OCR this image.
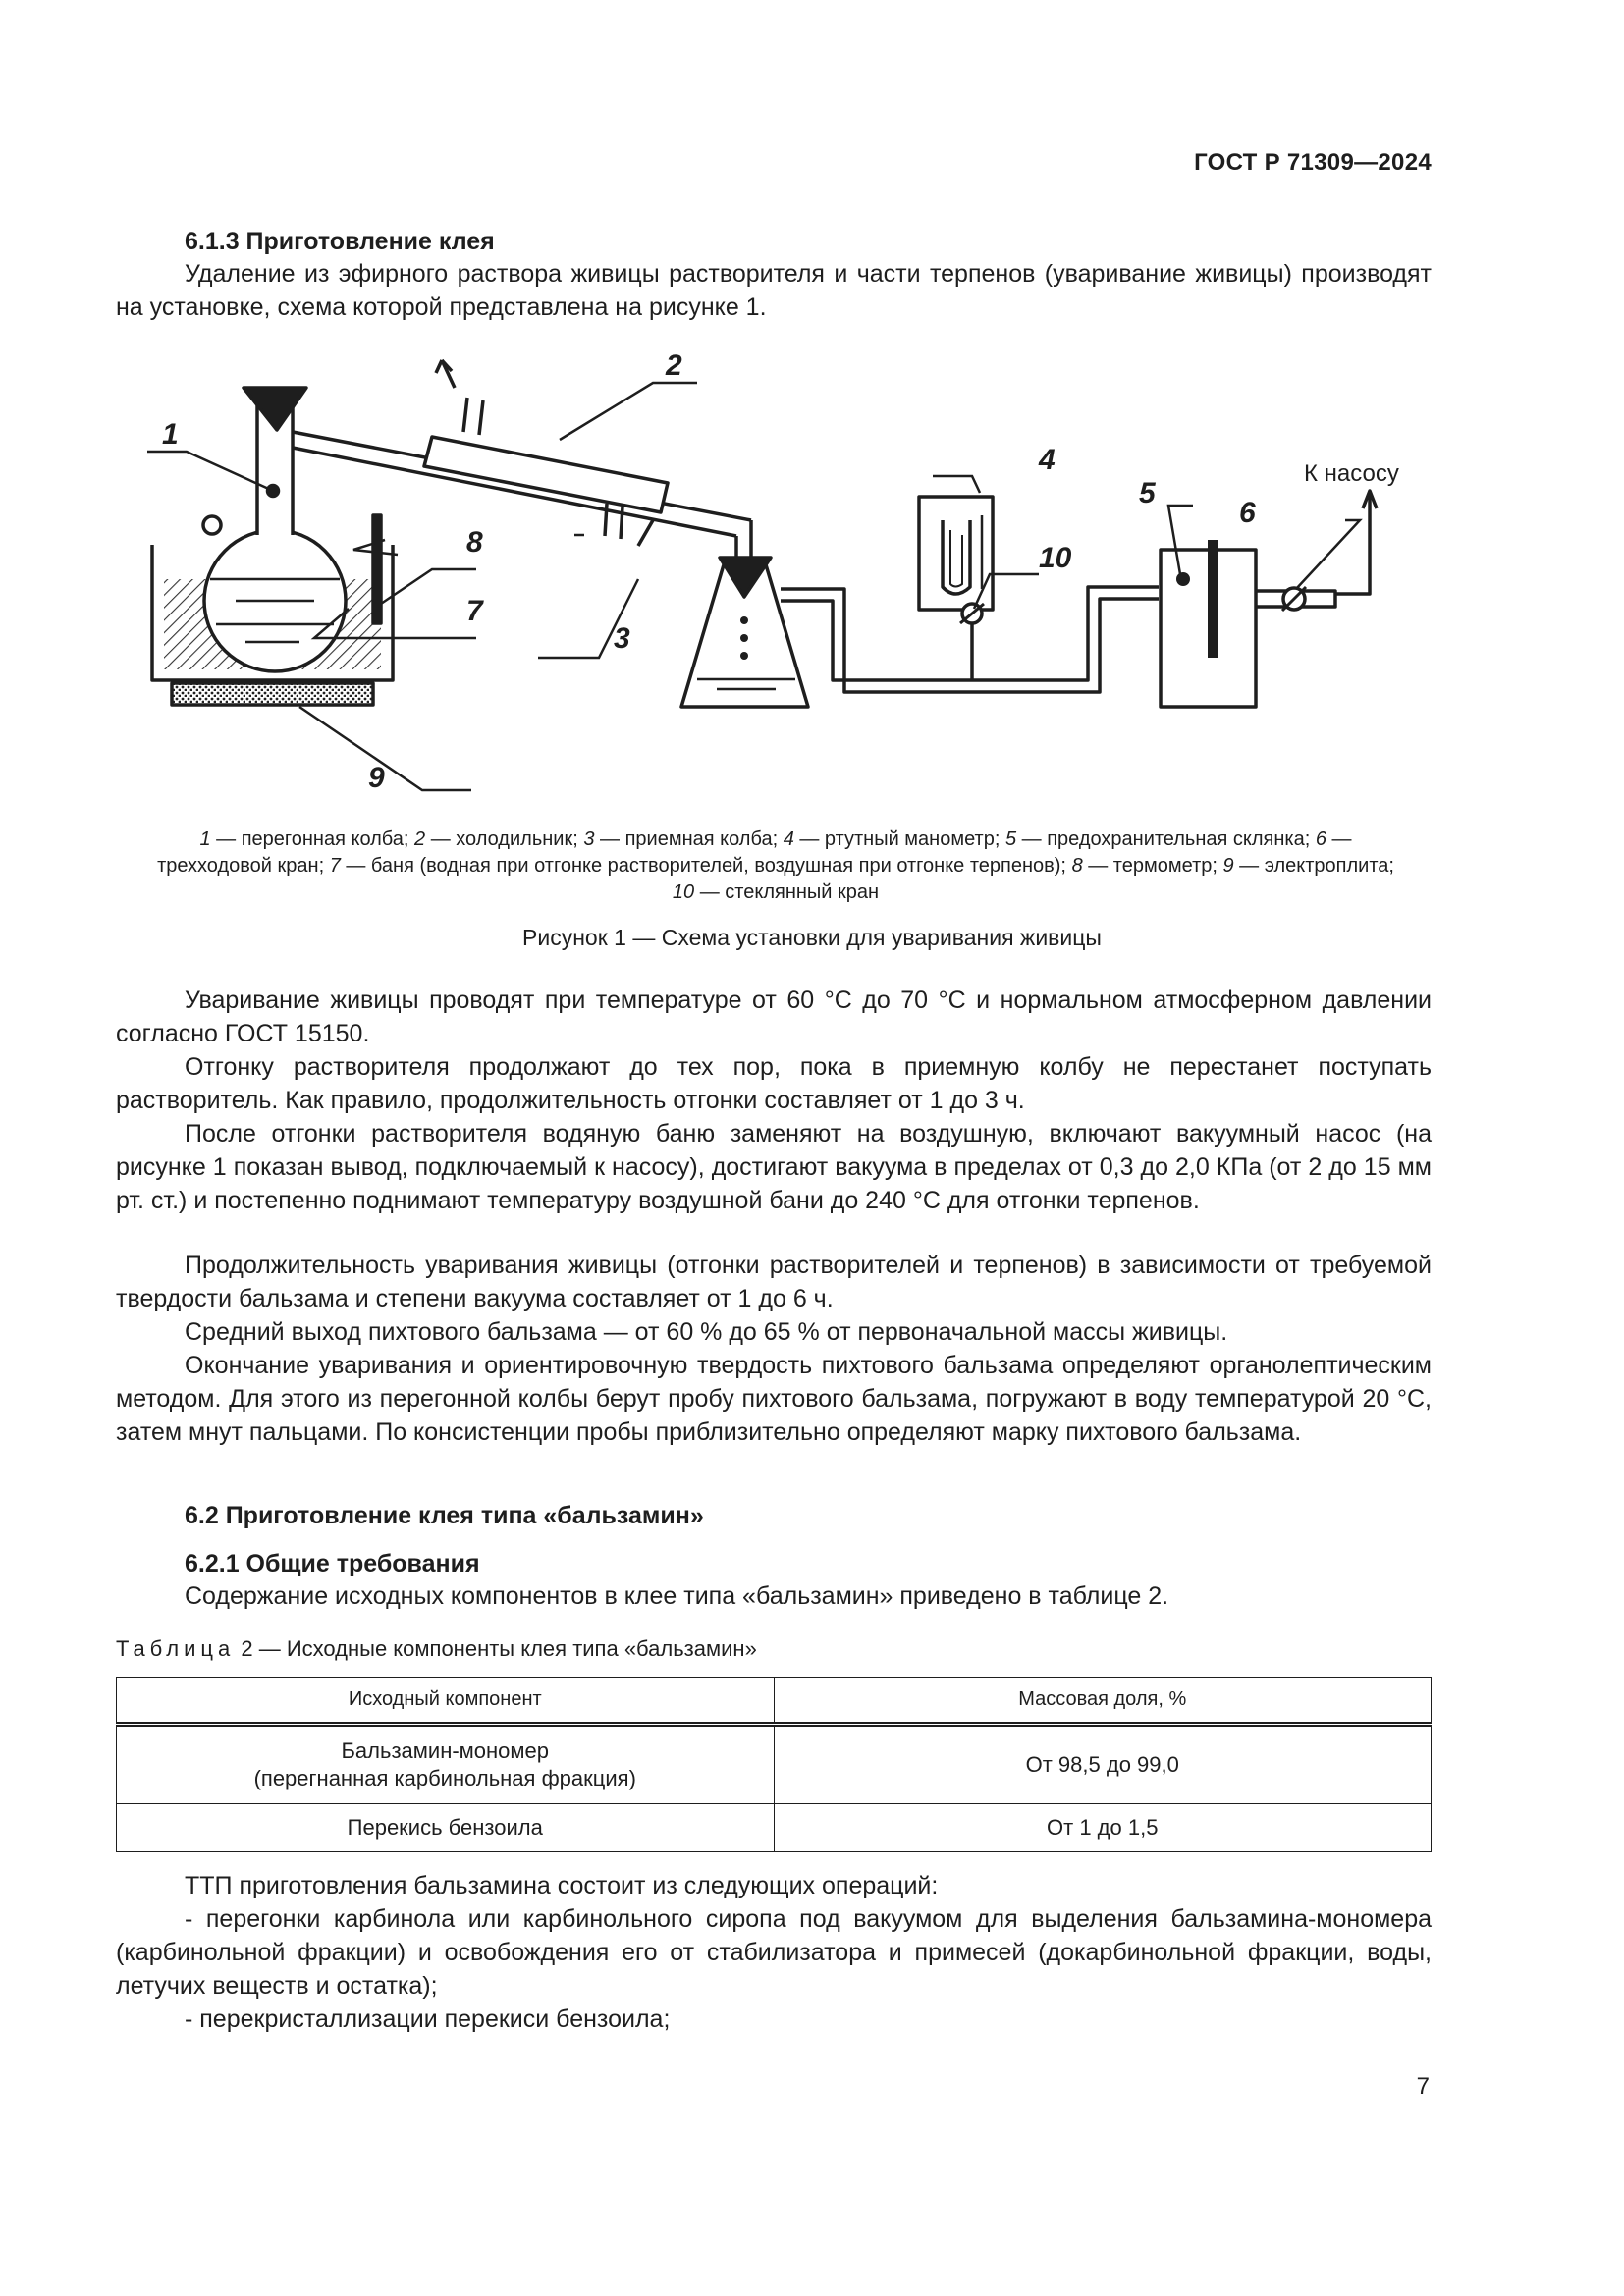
ГОСТ Р 71309—2024
6.1.3 Приготовление клея

Удаление из эфирного раствора живицы растворителя и части терпенов (уваривание живицы) производят на установке, схема которой представлена на рисунке 1.

1
2
3
4
5
6
7
8
9
10
К насосу

1 — перегонная колба; 2 — холодильник; 3 — приемная колба; 4 — ртутный манометр; 5 — предохранительная склянка; 6 — трехходовой кран; 7 — баня (водная при отгонке растворителей, воздушная при отгонке терпенов); 8 — термометр; 9 — электроплита; 10 — стеклянный кран

Рисунок 1 — Схема установки для уваривания живицы

Уваривание живицы проводят при температуре от 60 °С до 70 °С и нормальном атмосферном давлении согласно ГОСТ 15150.

Отгонку растворителя продолжают до тех пор, пока в приемную колбу не перестанет поступать растворитель. Как правило, продолжительность отгонки составляет от 1 до 3 ч.

После отгонки растворителя водяную баню заменяют на воздушную, включают вакуумный насос (на рисунке 1 показан вывод, подключаемый к насосу), достигают вакуума в пределах от 0,3 до 2,0 КПа (от 2 до 15 мм рт. ст.) и постепенно поднимают температуру воздушной бани до 240 °С для отгонки терпенов.

Продолжительность уваривания живицы (отгонки растворителей и терпенов) в зависимости от требуемой твердости бальзама и степени вакуума составляет от 1 до 6 ч.

Средний выход пихтового бальзама — от 60 % до 65 % от первоначальной массы живицы.

Окончание уваривания и ориентировочную твердость пихтового бальзама определяют органолептическим методом. Для этого из перегонной колбы берут пробу пихтового бальзама, погружают в воду температурой 20 °С, затем мнут пальцами. По консистенции пробы приблизительно определяют марку пихтового бальзама.

6.2 Приготовление клея типа «бальзамин»
6.2.1 Общие требования

Содержание исходных компонентов в клее типа «бальзамин» приведено в таблице 2.

Таблица 2 — Исходные компоненты клея типа «бальзамин»
Исходный компонент	Массовая доля, %
Бальзамин-мономер
(перегнанная карбинольная фракция)	От 98,5 до 99,0
Перекись бензоила	От 1 до 1,5

ТТП приготовления бальзамина состоит из следующих операций:

- перегонки карбинола или карбинольного сиропа под вакуумом для выделения бальзамина-мономера (карбинольной фракции) и освобождения его от стабилизатора и примесей (докарбинольной фракции, воды, летучих веществ и остатка);

- перекристаллизации перекиси бензоила;

7
